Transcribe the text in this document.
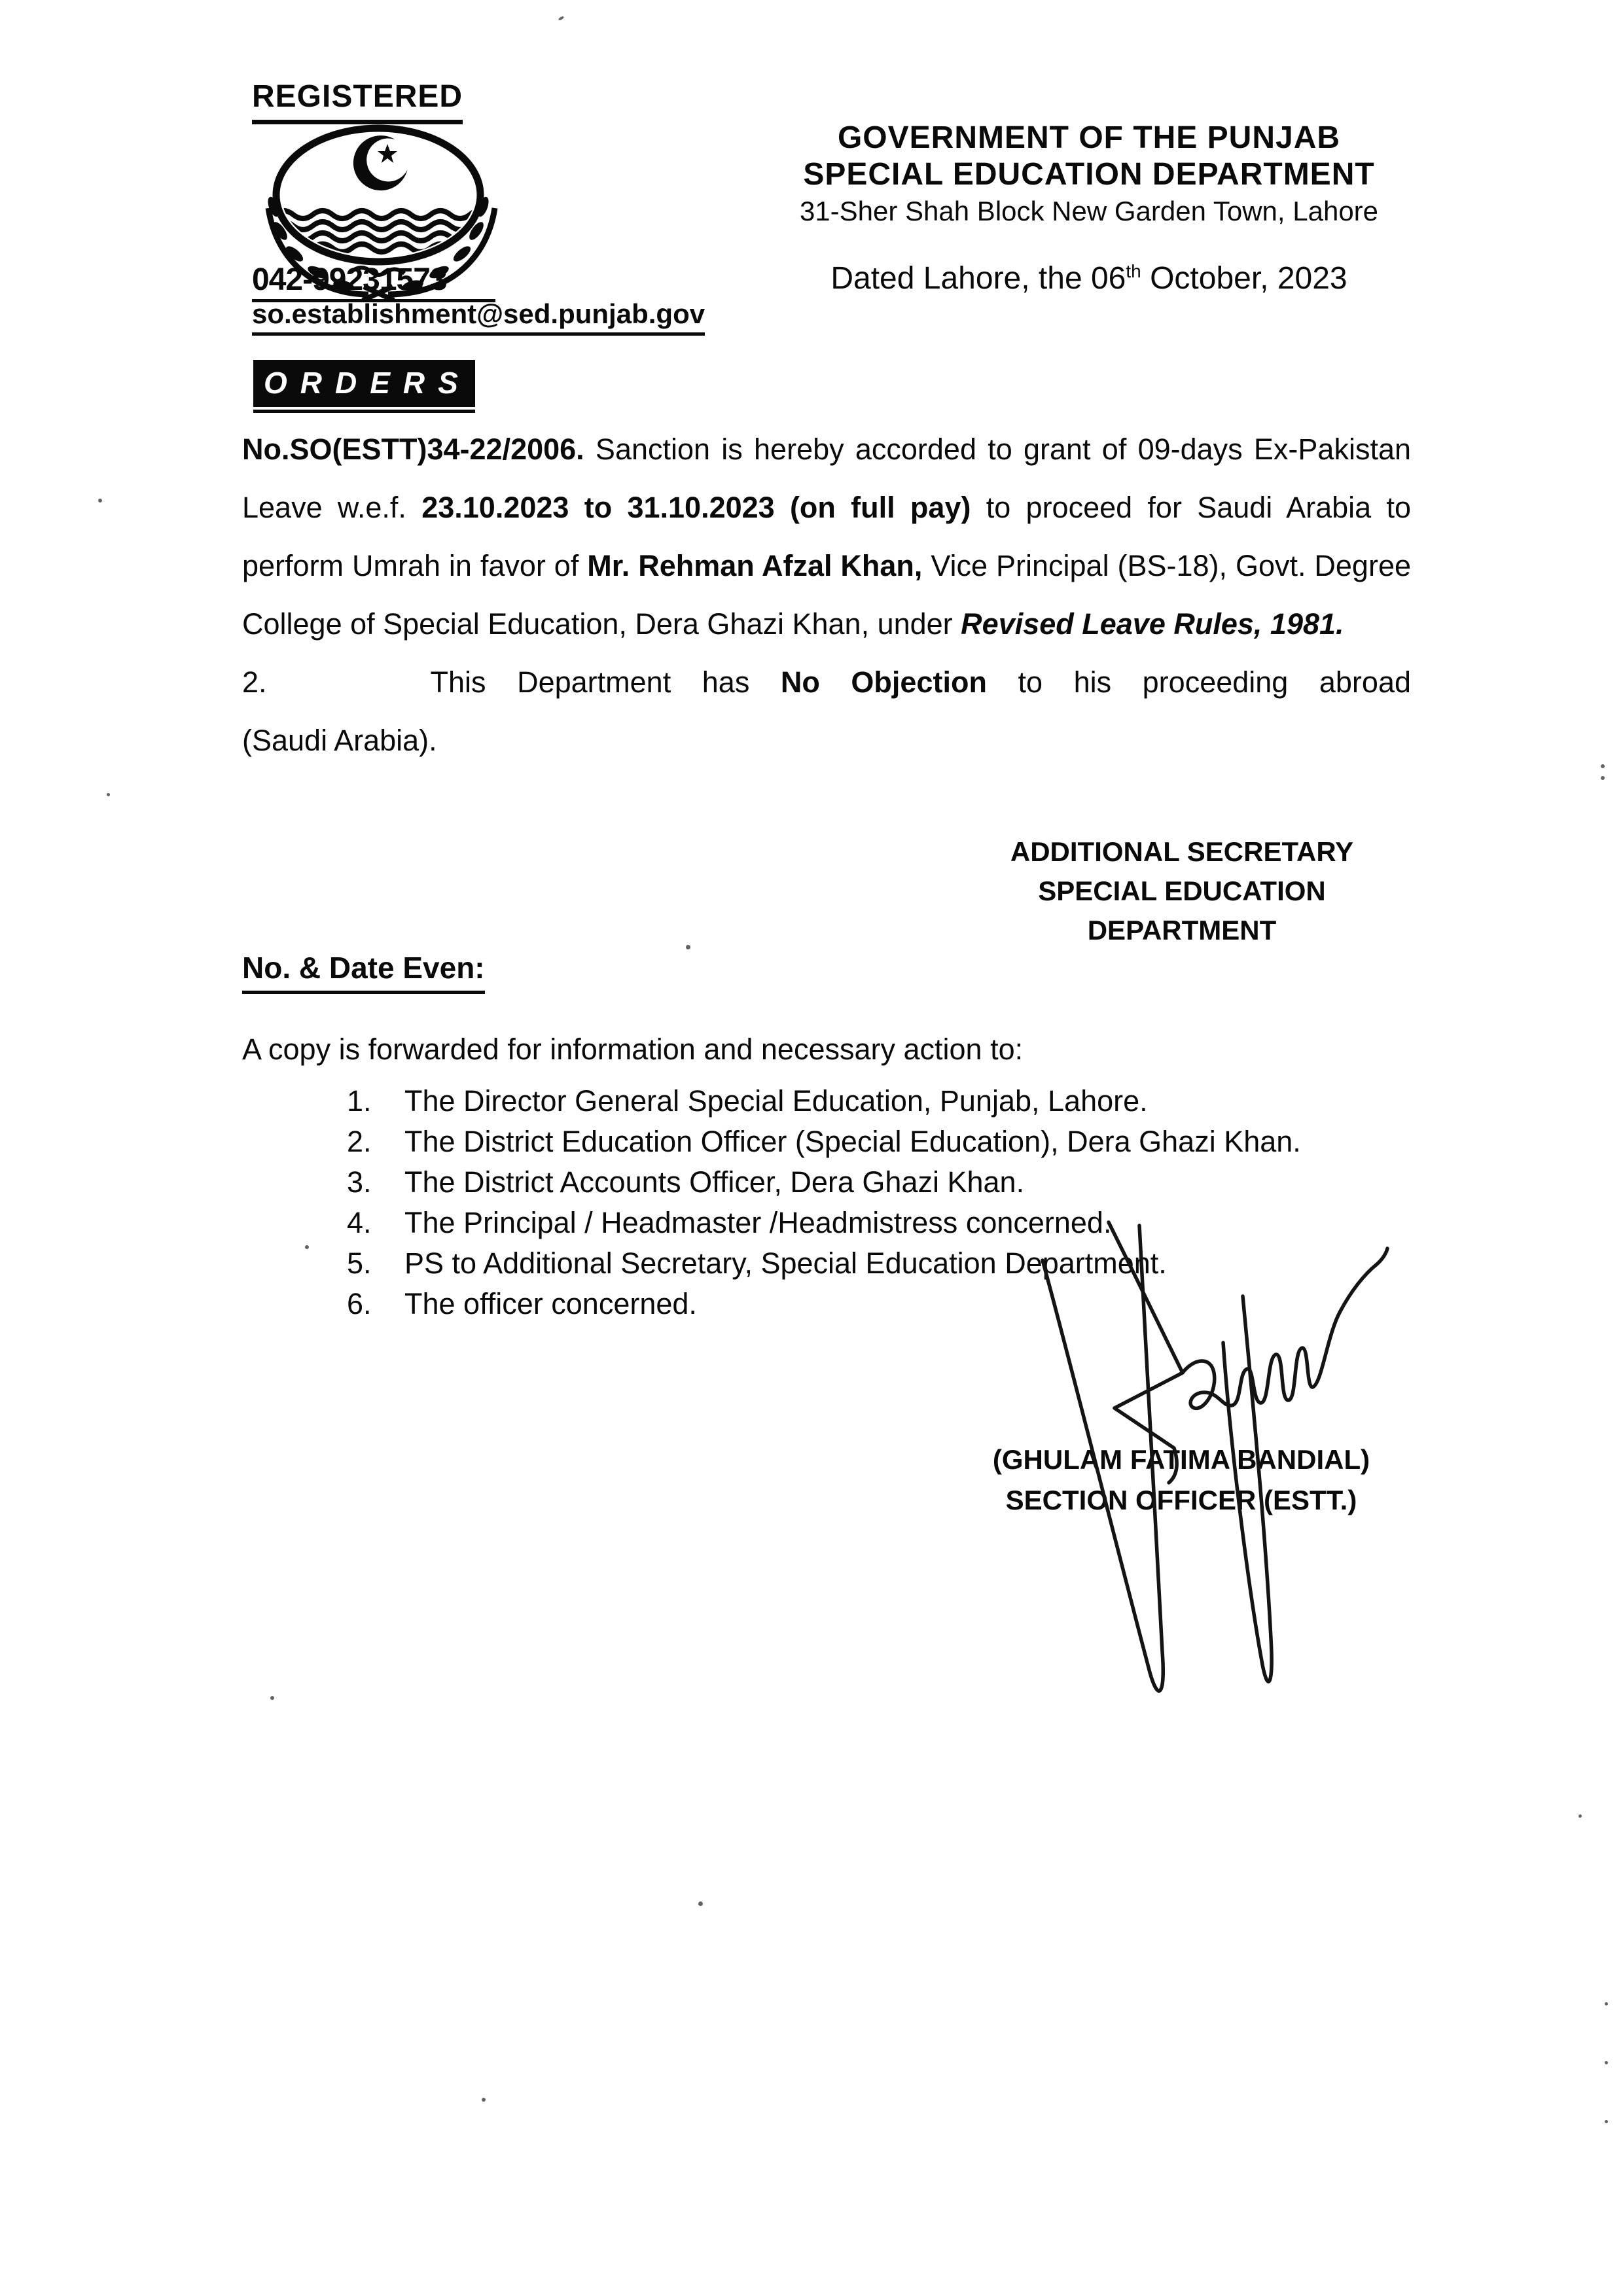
REGISTERED
042-99231573
so.establishment@sed.punjab.gov
GOVERNMENT OF THE PUNJAB
SPECIAL EDUCATION DEPARTMENT
31-Sher Shah Block New Garden Town, Lahore
Dated Lahore, the 06th October, 2023
ORDERS
No.SO(ESTT)34-22/2006. Sanction is hereby accorded to grant of 09-days Ex-Pakistan
Leave w.e.f. 23.10.2023 to 31.10.2023 (on full pay) to proceed for Saudi Arabia to
perform Umrah in favor of Mr. Rehman Afzal Khan, Vice Principal (BS-18), Govt. Degree
College of Special Education, Dera Ghazi Khan, under Revised Leave Rules, 1981.
2.	This Department has No Objection to his proceeding abroad
(Saudi Arabia).
ADDITIONAL SECRETARY
SPECIAL EDUCATION
DEPARTMENT
No. & Date Even:
A copy is forwarded for information and necessary action to:
1.	The Director General Special Education, Punjab, Lahore.
2.	The District Education Officer (Special Education), Dera Ghazi Khan.
3.	The District Accounts Officer, Dera Ghazi Khan.
4.	The Principal / Headmaster /Headmistress concerned.
5.	PS to Additional Secretary, Special Education Department.
6.	The officer concerned.
(GHULAM FATIMA BANDIAL)
SECTION OFFICER (ESTT.)
